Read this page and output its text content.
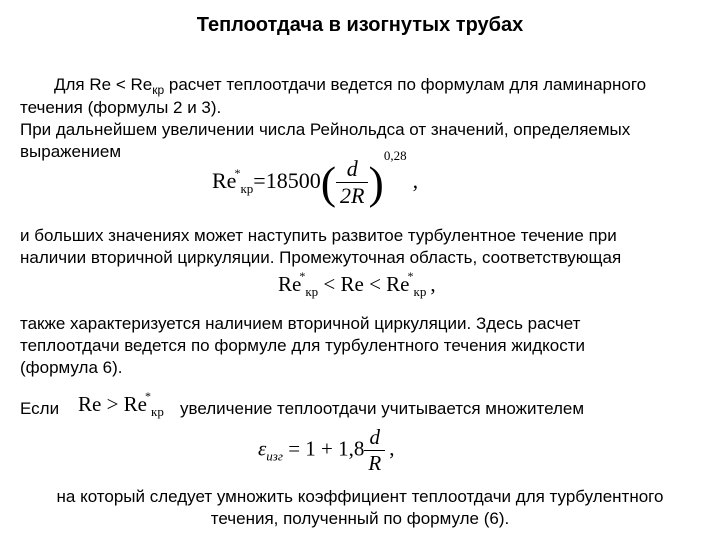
Теплоотдача в изогнутых трубах
Для $Re < Re_{кр}$ расчет теплоотдачи ведется по формулам для ламинарного
течения (формулы 2 и 3).
При дальнейшем увеличении числа Рейнольдса от значений, определяемых
выражением
$Re^*_{кр}=18500( \frac{d}{2R} )^{0,28}$,
и больших значениях может наступить развитое турбулентное течение при
наличии вторичной циркуляции. Промежуточная область, соответствующая
$Re^*_{кр} < Re < Re^*_{кр}$ ,
также характеризуется наличием вторичной циркуляции. Здесь расчет
теплоотдачи ведется по формуле для турбулентного течения жидкости
(формула 6).
Если $Re > Re^*_{кр}$ увеличение теплоотдачи учитывается множителем
$\varepsilon_{изг} = 1 + 1,8 \frac{d}{R}$ ,
на который следует умножить коэффициент теплоотдачи для турбулентного
течения, полученный по формуле (6).
